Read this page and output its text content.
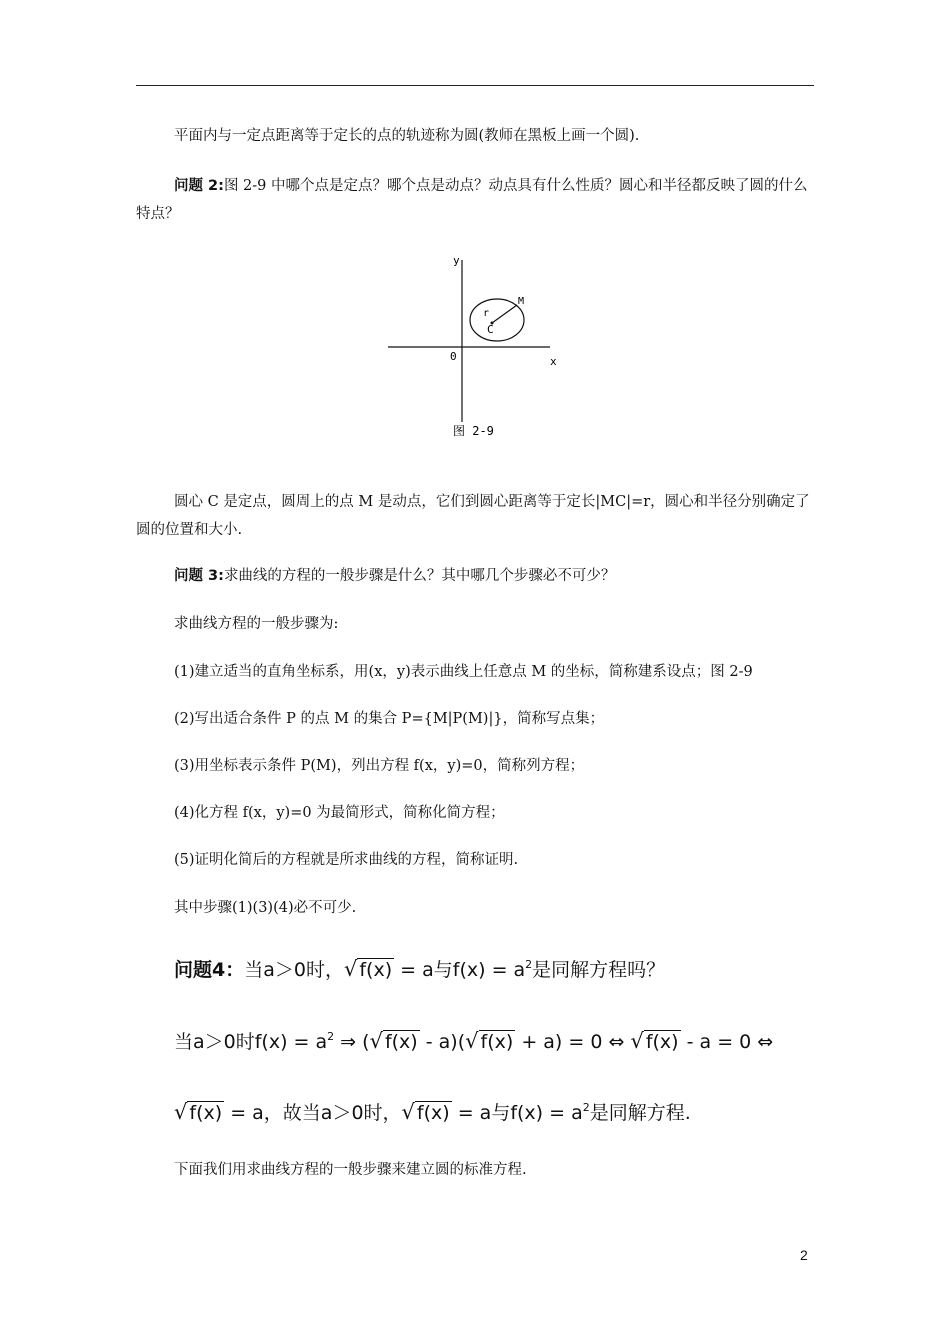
平面内与一定点距离等于定长的点的轨迹称为圆(教师在黑板上画一个圆).

问题 2:图 2-9 中哪个点是定点？哪个点是动点？动点具有什么性质？圆心和半径都反映了圆的什么特点？

y
x
0
r
C
M
图 2-9

圆心 C 是定点，圆周上的点 M 是动点，它们到圆心距离等于定长|MC|=r，圆心和半径分别确定了圆的位置和大小.

问题 3:求曲线的方程的一般步骤是什么？其中哪几个步骤必不可少？

求曲线方程的一般步骤为:

(1)建立适当的直角坐标系，用(x，y)表示曲线上任意点 M 的坐标，简称建系设点；图 2-9

(2)写出适合条件 P 的点 M 的集合 P={M|P(M)|}，简称写点集；

(3)用坐标表示条件 P(M)，列出方程 f(x，y)=0，简称列方程；

(4)化方程 f(x，y)=0 为最简形式，简称化简方程；

(5)证明化简后的方程就是所求曲线的方程，简称证明.

其中步骤(1)(3)(4)必不可少.

问题4：当a＞0时，√ f(x) = a与$f(x) = a^2$是同解方程吗？
当a＞0时$f(x) = a^2$ ⇒ (√ f(x) - a)(√ f(x) + a) = 0 ⇔ √ f(x) - a = 0 ⇔
√ f(x) = a，故当a＞0时，√ f(x) = a与$f(x) = a^2$是同解方程.

下面我们用求曲线方程的一般步骤来建立圆的标准方程.

2
